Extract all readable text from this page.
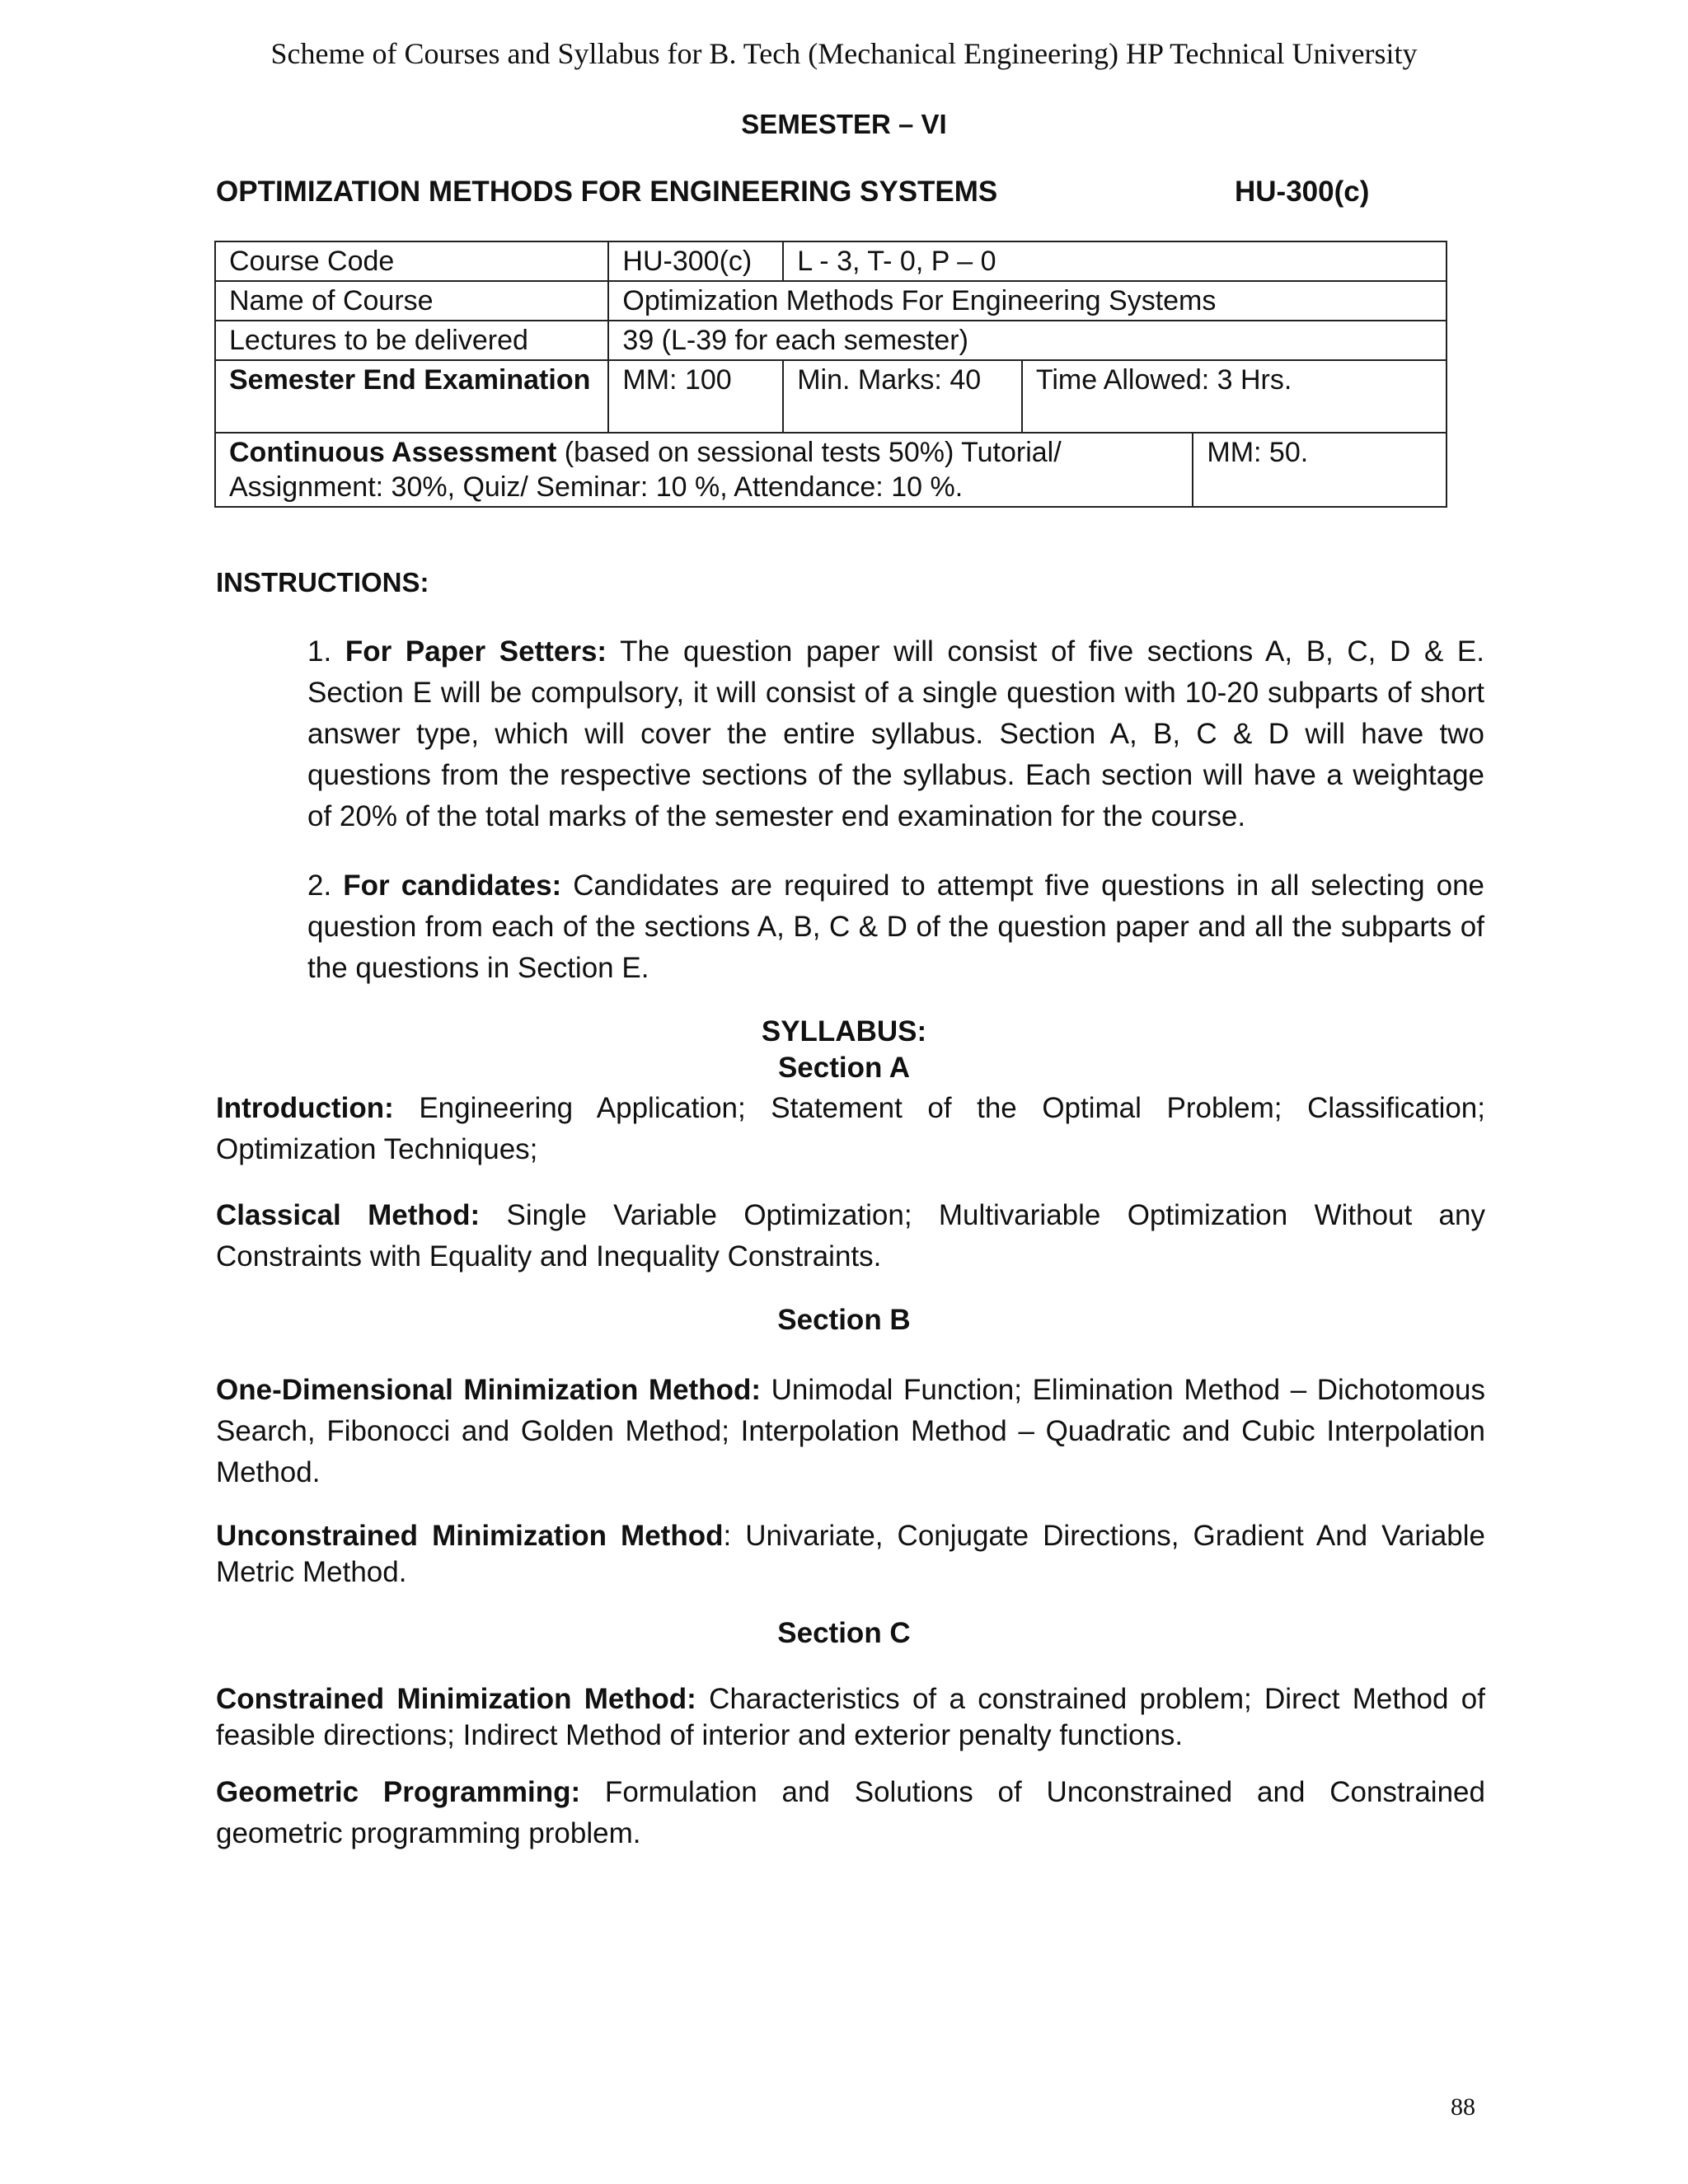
Scheme of Courses and Syllabus for B. Tech (Mechanical Engineering) HP Technical University
SEMESTER – VI
OPTIMIZATION METHODS FOR ENGINEERING SYSTEMS	HU-300(c)
Course Code	HU-300(c)	L - 3, T- 0, P – 0		
Name of Course	Optimization Methods For Engineering Systems			
Lectures to be delivered	39 (L-39 for each semester)			
Semester End Examination	MM: 100	Min. Marks: 40	Time Allowed: 3 Hrs.	
Continuous Assessment (based on sessional tests 50%) Tutorial/ Assignment: 30%, Quiz/ Seminar: 10 %, Attendance: 10 %.				MM: 50.
INSTRUCTIONS:
1. For Paper Setters: The question paper will consist of five sections A, B, C, D & E. Section E will be compulsory, it will consist of a single question with 10-20 subparts of short answer type, which will cover the entire syllabus. Section A, B, C & D will have two questions from the respective sections of the syllabus. Each section will have a weightage of 20% of the total marks of the semester end examination for the course.
2. For candidates: Candidates are required to attempt five questions in all selecting one question from each of the sections A, B, C & D of the question paper and all the subparts of the questions in Section E.
SYLLABUS:
Section A
Introduction: Engineering Application; Statement of the Optimal Problem; Classification; Optimization Techniques;
Classical Method: Single Variable Optimization; Multivariable Optimization Without any Constraints with Equality and Inequality Constraints.
Section B
One-Dimensional Minimization Method: Unimodal Function; Elimination Method – Dichotomous Search, Fibonocci and Golden Method; Interpolation Method – Quadratic and Cubic Interpolation Method.
Unconstrained Minimization Method: Univariate, Conjugate Directions, Gradient And Variable Metric Method.
Section C
Constrained Minimization Method: Characteristics of a constrained problem; Direct Method of feasible directions; Indirect Method of interior and exterior penalty functions.
Geometric Programming: Formulation and Solutions of Unconstrained and Constrained geometric programming problem.
88
